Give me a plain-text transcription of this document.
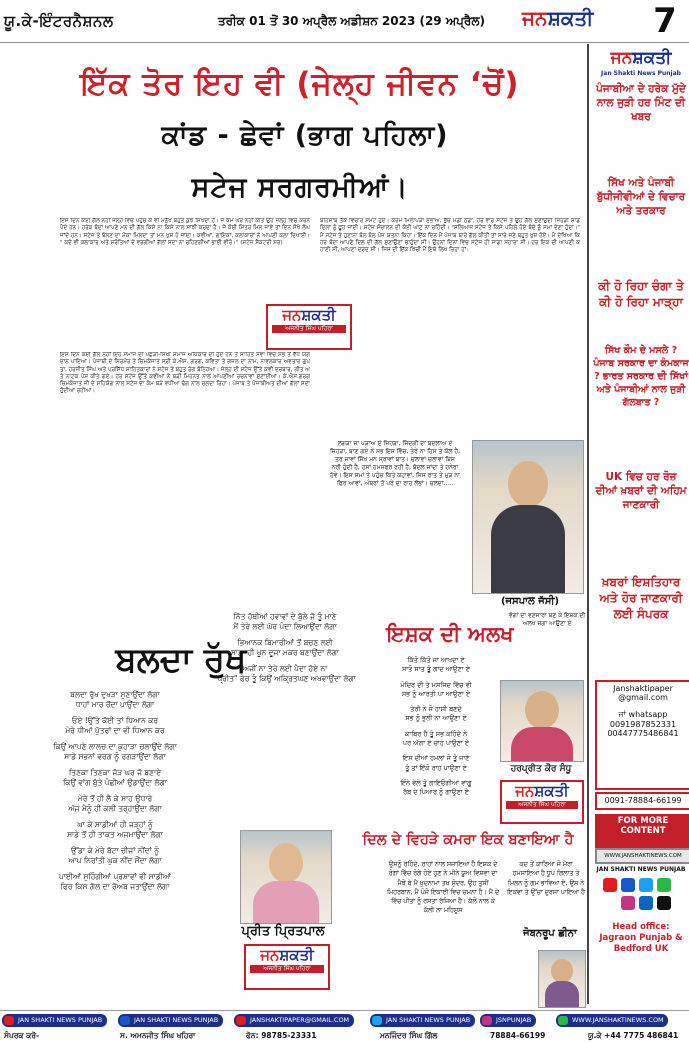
ਯੂ.ਕੇ-ਇੰਟਰਨੈਸ਼ਨਲ	ਤਰੀਕ 01 ਤੋਂ 30 ਅਪ੍ਰੈਲ ਅਡੀਸ਼ਨ 2023 (29 ਅਪ੍ਰੈਲ) ਜਨਸ਼ਕਤੀ	7
ਇੱਕ ਤੋਰ ਇਹ ਵੀ (ਜੇਲ੍ਹ ਜੀਵਨ ‘ਚੋਂ)
ਕਾਂਡ - ਛੇਵਾਂ (ਭਾਗ ਪਹਿਲਾ)
ਸਟੇਜ ਸਰਗਰਮੀਆਂ।
ਇਸ ਦਿਨ ਕੋਈ ਗੱਲ ਨਹੀਂ ਜੇਲ੍ਹ ਵਿਚ ਪਹੁੰਚ ਕੇ ਵੀ ਮਨੁੱਖ ਬਹੁਤ ਕੁਝ ਸਿਖਦਾ ਹੈ। ਜੋ ਕੰਮ ਘਰ ਨਹੀਂ ਕੀਤੇ ਉਹ ਜੇਲ੍ਹ ਵਿਚ ਕਰਨੇ ਪੈਂਦੇ ਹਨ। ਹਰੇਕ ਬੰਦਾ ਆਪਣੇ ਮਨ ਦੀ ਗੱਲ ਕਿਸੇ ਨਾ ਕਿਸੇ ਨਾਲ ਸਾਂਝੀ ਕਰਦਾ ਹੈ। ਜੇ ਕੋਈ ਮਿੱਤਰ ਮਿਲ ਜਾਵੇ ਤਾਂ ਦਿਨ ਸੌਖੇ ਲੰਘ ਜਾਂਦੇ ਹਨ। ਸਟੇਜ ਤੇ ਬੋਲਣ ਦਾ ਮੌਕਾ ਮਿਲਦਾ ਤਾਂ ਮਨ ਖੁਸ਼ ਹੋ ਜਾਂਦਾ। ਕਵੀਆਂ, ਗਾਇਕਾਂ, ਕਲਾਕਾਰਾਂ ਨੇ ਆਪਣੀ ਕਲਾ ਦਿਖਾਈ। " ਕਦੇ ਵੀ ਕਲਾਕਾਰ ਅਤੇ ਸਰੋਤਿਆਂ ਦੇ ਵਰਗੀਆਂ ਗੱਲਾਂ ਸਦਾ ਨਾ ਰਹਿਣਗੀਆਂ ਭਾਈ ਵੀਰੋ।" (ਸਟੇਜ ਸੈਕਟਰੀ ਸਰ)
ਜਨਸ਼ਕਤੀ
ਅਜਨੀਤ ਸਿੰਘ ਪਹਿਰਾ
ਇਸ ਦਿਨ ਕੋਈ ਗੱਲ ਨਹੀਂ ਇਹ ਸਮਾਜ ਦੀ ਪਛੜੀ-ਸਿਖੀ ਸਮਾਜ ਅਧਿਕਾਰ ਦੀ ਹੁੰਦੇ ਹਨ ਤੇ ਸਾਹਿਤ ਸੇਵਾ ਵਿਚ ਸਭ ਤੋਂ ਵੱਧ ਯੋਗਦਾਨ ਪਾਇਆ। ਪੰਜਾਬੀ ਦੇ ਸਿਰਮੌਰ ਤੇ ਚਿਮਕੰਜਾਤ ਸ੍ਰੀ ਕੇ.ਐਸ. ਗਰਗ, ਕਵਿਤਾ ਤੇ ਗਜ਼ਲ ਦਾ ਨਾਮ, ਨਾਵਲਕਾਰ ਅਵਤਾਰ ਗੁਪਤਾ, ਹਰਜੀਤ ਸਿੰਘ ਅਤੇ ਪ੍ਰਸਿੱਧ ਸਾਹਿਤਕਾਰਾਂ ਨੇ ਸਟੇਜ ਤੇ ਬਹੁਤ ਰੰਗ ਬੰਨ੍ਹਿਆ। ਜੇਲ੍ਹ ਦੀ ਸਟੇਜ ਉੱਤੇ ਕਵੀ ਦਰਬਾਰ, ਗੀਤ ਅਤੇ ਨਾਟਕ ਪੇਸ਼ ਕੀਤੇ ਗਏ। ਹਰ ਸਟੇਜ ਉੱਤੇ ਕਵੀਆਂ ਨੇ ਬੜੀ ਮਿਹਨਤ ਨਾਲ ਆਪਣੀਆਂ ਰਚਨਾਵਾਂ ਸੁਣਾਈਆਂ। ਕੇ.ਐਸ.ਗਰਗ ਚਿਮਕੰਜਾਤ ਜੀ ਦੇ ਸਹਿਯੋਗ ਨਾਲ ਸਟੇਜ ਦਾ ਕੰਮ ਬੜੇ ਵਧੀਆ ਢੰਗ ਨਾਲ ਚਲਦਾ ਰਿਹਾ। ਪੰਜਾਬ ਤੇ ਪੰਜਾਬੀਅਤ ਦੀਆਂ ਗੱਲਾਂ ਸਦਾ ਹੁੰਦੀਆਂ ਰਹੀਆਂ।
ਬੇਹਿਸਾਬ ਤੱਕ ਵਿਚਾਰ ਸਮੇਟੇ ਹੁੰਦੇ। ਕਰਮ ਮਿਲਾਪੜਾ ਸੁਭਾਅ, ਭੁੱਚੋ ਮੰਡੀ ਠੰਡਾ, ਹਰ ਵਾਰ ਸਟੇਜ ਤੇ ਉਹ ਗੱਲ ਸੁਣਾਉਂਦੀ ਜਿਹੜੀ ਸਾਡੇ ਦਿਲਾਂ ਨੂੰ ਛੂਹ ਜਾਂਦੀ। ਸਟੇਜ ਸੰਚਾਲਨ ਦੀ ਕੋਈ ਘਾਟ ਨਾ ਰਹਿੰਦੀ। "ਸਲਿਆਜ਼ ਸਟੇਜ ਤੇ ਕਿਸੇ ਪਹਿਲੇ ਹੋਏ ਬੰਦੇ ਨੂੰ ਸਮਾਂ ਦੇਣਾ ਹੁੰਦਾ।" ਮੈਂ ਸਟੇਜ ਤੇ ਹੁਣਾਨਾ ਬੋਲ ਬੋਲ ਪੰਜ ਯਤਨਾ ਕਿਹਾ। ਇੱਕ ਦਿਨ ਮੈਂ ਪੰਜਾਬ ਬਾਰੇ ਗੱਲ ਕੀਤੀ ਤਾਂ ਸਾਰੇ ਜਣੇ ਬਹੁਤ ਖੁਸ਼ ਹੋਏ। ਮੈਂ ਦੇਖਿਆ ਕਿ ਹਰ ਬੰਦਾ ਆਪਣੇ ਦਿਲ ਦੀ ਗੱਲ ਸੁਣਾਉਣਾ ਚਾਹੁੰਦਾ ਸੀ। ਉਹਨਾਂ ਦਿਨਾਂ ਵਿਚ ਸਟੇਜ ਹੀ ਸਾਡਾ ਸਹਾਰਾ ਸੀ। ਹਰ ਇਕ ਦੀ ਆਪਣੀ ਕਹਾਣੀ ਸੀ, ਆਪਣਾ ਦਰਦ ਸੀ। ਜਿਸ ਦੀ ਇੱਕ ਖਿੱਚੀ ਮੈਂ ਇਥੇ ਲਿਖ ਰਿਹਾ ਹਾਂ:
ਲਗੜਾ ਜਾ ਪੜਾਅ ਏ ਜਿਹੜਾ, ਜਿੰਦਗੀ ਦਾ ਬਦਲਾਅ ਏ ਜਿਹੜਾ, ਬਾਣ ਗਏ ਨੇ ਸਭ ਇਸ ਵਿੱਚ, ਤੇਰੇ ਨਾ ਹਿਸ ਤੇ ਕੋਲ ਹੈ, ਤਰ ਜਾਵਾਂ ਸਿੱਖ ਮਨ ਸ੍ਰਾਵਾਂ ਬਾਤ। ਚਲਾਵਾਂ ਚਲਾਵਾਂ ਬਿਸ ਨਰੀ ਹੁੰਦੀ ਹੈ, ਹਸਾਂ ਹਮਸਫਰ ਰਹੀ ਹੈ, ਬੱਦਲ ਜਾਂਦਾ ਤੇ ਹਨੇਰਾ ਹੋਵੇ। ਇਸ ਸਮਾਂ ਤੇ ਪਹੁੰਚ ਕਿਤੇ ਕਹਾਵਾਂ, ਜਿਸ ਰਾਤ ਤੇ ਮੁੜ ਨਾ ਫਿਰ ਆਵਾਂ, ਅੰਬਰਾਂ ਤੋਂ ਪਰੇ ਦਾ ਰਾਹ ਲੱਭਾਂ। ਚਲਦਾ.....
(ਜਸਪਾਲ ਜੱਸੀ)
ਬਲਦਾ ਰੁੱਖ
ਬਲਦਾ ਰੁੱਖ ਦੁਖੜਾ ਸੁਣਾਉਂਦਾ ਲੱਗਾ
ਧਾਹਾਂ ਮਾਰ ਰੋਂਦਾ ਪਾਉਂਦਾ ਲੱਗਾ
ਓਏ !ਉੱਤੇ ਕੋਈ ਤਾਂ ਧਿਆਨ ਕਰ
ਮੇਰੇ ਧੀਆਂ ਪੁੱਤਰਾਂ ਦਾ ਵੀ ਧਿਆਨ ਕਰ
ਕਿਉਂ ਆਪਣੇ ਲਾਲਚ ਦਾ ਕੁਹਾੜਾ ਚਲਾਉਂਦੇ ਲੱਗਾ
ਸਾਡੇ ਸਭਨਾਂ ਵਰਗ ਨੂੰ ਰਗੜਾਉਂਦਾ ਲੱਗਾ
ਤਿਣਕਾ ਤਿਣਕਾ ਜੋੜ ਘਰ ਜੋ ਬਣਾਏ
ਕਿਉਂ ਵਾਂਗ ਬੁੱਤੇ ਪੰਛੀਆਂ ਉਡਾਉਂਦਾ ਲੱਗਾ
ਮੇਰੇ ਤੋਂ ਹੀ ਲੈ ਕੇ ਸਾਹ ਉਧਾਰੇ
ਅੱਜ ਮੈਨੂੰ ਹੀ ਕਲੀ ਤਰ੍ਹਾਉਂਦਾ ਲੱਗਾ
ਘਾ ਕੇ ਸਾਡੀਆਂ ਹੀ ਜੜ੍ਹਾਂ ਨੂੰ
ਸਾਡੇ ਤੋਂ ਹੀ ਤਾਕਤ ਅਜਮਾਉਂਦਾ ਲੱਗਾ
ਉੱਡਾ ਕੇ ਮੇਰੇ ਬੋਟਾ ਚੀਜਾਂ ਨੀਂਦਾਂ ਨੂੰ
ਆਪ ਨਿਰਾਂਤੀ ਘੁਕ ਨੀਂਦ ਸੌਂਦਾ ਲੱਗਾ
ਪਾਈਆਂ ਸੁਹਿੰਗੀਆਂ ਪ੍ਰਸ਼ਾਵਾਂ ਵੀ ਸਾਡੀਆਂ
ਫਿਰ ਕਿਸ ਗੱਲ ਦਾ ਰੋਅਬ ਜਤਾਉਂਦਾ ਲੱਗਾ
ਨਿੱਤ ਹੱਥੀਆਂ ਹਵਾਵਾਂ ਦੇ ਬੁੱਲੇ ਜੋ ਤੂੰ ਮਾਣੇ
ਮੈਂ ਤੇਰੇ ਲਈ ਘੱਰ ਪੰਦਾ ਲਿਆਉਂਦਾ ਲੱਗਾ
ਭਿਆਨਕ ਬਿਮਾਰੀਆਂ ਤੋਂ ਬਚਣ ਲਈ
ਸਾਡਾ ਹੀ ਖੂਨ ਦੂਜਾ ਮਕਰ ਬਣਾਉਂਦਾ ਲੱਗਾ
ਅਜੀਂ ਨਾ ਤੇਰੇ ਲਈ ਪੈਦਾ ਹੋਏ ਨਾ
"ਪ੍ਰੀਤ" ਫੇਰ ਤੂੰ ਕਿਉਂ ਅਕ੍ਰਿਤਘਣ ਅਖਵਾਉਂਦਾ ਲੱਗਾ
ਪ੍ਰੀਤ ਪ੍ਰਿਤਪਾਲ
ਜਨਸ਼ਕਤੀ
ਅਜਨੀਤ ਸਿੰਘ ਪਹਿਰਾ
ਇਸ਼ਕ ਦੀ ਅਲਖ
ਵੱਗਾਂ ਦਾ ਵਣਜਾਰਾ ਬਣ ਕੇ ਇਸ਼ਕ ਦੀ ਅਲਖ ਜਗਾ ਆਉਣਾ ਏ
ਕਿੱਤੋ ਕਿੱਤੋ ਜਾ ਆਖਦਾ ਏ
ਸਾਤੋ ਸਾਤ ਤੂੰ ਗਾਦ ਆਉਣਾ ਏ
ਮੰਦਿਰ ਦੀ ਤੇ ਮਸਜਿਦ ਵਿੱਚ ਵੀ
ਸਭ ਨੂੰ ਆਰਤੀ ਪਾ ਆਉਣਾ ਏ
ਤੇਰੀ ਨੇ ਜੋ ਹਾਸੀ ਬਣਦੇ
ਸਭ ਨੂੰ ਭੁਲੀ ਨਾ ਆਉਣਾ ਏ
ਕਾਬਿਰ ਹੈ ਤੂੰ ਸਭ ਕਹਿੰਦੇ ਨੇ
ਪਰ ਅੱਗਾ ਏ ਚਾਹ ਪਾਉਣਾ ਏ
ਇਸ ਦੀਆਂ ਹਮਲਾਂ ਜੋ ਤੂੰ ਜਾਣੇ
ਤੂੰ ਤਾਂ ਇੱਕੋ ਰਾਹ ਪਾਉਣਾ ਏ
ਇੰਨੇ ਵੇਲੇ ਤੂੰ ਗਾਇਓਗੀਆਂ ਵਾਂਗੂ
ਰੱਬ ਦੇ ਪਿਆਰ ਨੂੰ ਗਾਉਣਾ ਏ
ਹਰਪ੍ਰੀਤ ਕੌਰ ਸੰਧੂ
ਜਨਸ਼ਕਤੀ
ਅਜਨੀਤ ਸਿੰਘ ਪਹਿਰਾ
ਦਿਲ ਦੇ ਵਿਹੜੇ ਕਮਰਾ ਇਕ ਬਣਾਇਆ ਹੈ
ਉਸਨੂੰ ਰਹਿੰਦੇ, ਰਾਹਾਂ ਨਾਲ ਸਜਾਇਆ ਹੈ ਇਸ਼ਕ ਦੇ ਰੰਗਾਂ ਵਿੱਚ ਰੰਗੇ ਹੋਏ ਹੁਣ ਨੇ ਮੀਨੇ ਯੂਅ ਵਿਸ਼ਵਾ ਦਾ ਮੈਥੋਂ ਬੇ ਮੈਂ ਖ਼ੁਦਨਾਮਾ ਤਖ਼ ਸੁੰਦਰ, ਉਹ ਤੁਸੀਂ ਮਿਹਰਬਾਨ, ਮੈਂ ਪੰਜੋ ਇਕਾਈ ਵਿਚ ਚਮਨਾ ਹੈ। ਮੈਂ ਦੇ ਵਿੱਚ ਪੀਤਾਂ ਨੂੰ ਰਸਤਾ ਰੱਜਿਆ ਹੈ। ਕੱਲੋਂ ਨਾਲ ਕੇ ਕੱਲੀ ਨਾ ਮਹਿਸੂਸ
ਕਦ ਤੋਂ ਕਾਰਿਆ ਜੋ ਮੇਰਾ ਹਮਸਾਇਆ ਹੈ ਧੂਪ ਗਿਲਾਤ ਤੇ ਮਿਲਨ ਨੂੰ ਗਮ ਭਾਵਿਆ ਏ, ਉਸ ਨੇ ਇਕਵਾ ਤੇ ਉੱਚਾ ਦੁਰਸ਼ਾ ਪਾਇਆ ਹੈ
ਜੋਬਨਰੂਪ ਛੀਨਾ
ਜਨਸ਼ਕਤੀ
Jan Shakti News Punjab
ਪੰਜਾਬੀਆ ਦੇ ਹਰੇਕ ਮੁੱਦੇ ਨਾਲ ਜੁੜੀ ਹਰ ਮਿੰਟ ਦੀ ਖਬਰ
ਸਿੱਖ ਅਤੇ ਪੰਜਾਬੀ ਬੁੱਧੀਜੀਵੀਆਂ ਦੇ ਵਿਚਾਰ ਅਤੇ ਤਰਕਾਰ
ਕੀ ਹੋ ਰਿਹਾ ਚੰਗਾ ਤੇ ਕੀ ਹੋ ਰਿਹਾ ਮਾੜ੍ਹਾ
ਸਿੱਖ ਕੌਮ ਦੇ ਮਸਲੇ ? ਪੰਜਾਬ ਸਰਕਾਰ ਦਾ ਕੰਮਕਾਜ ? ਭਾਰਤ ਸਰਕਾਰ ਦੀ ਸਿੱਖਾਂ ਅਤੇ ਪੰਜਾਬੀਆਂ ਨਾਲ ਜੁੜੀ ਗੱਲਬਾਤ ?
UK ਵਿਚ ਹਰ ਰੋਜ਼ ਦੀਆਂ ਖ਼ਬਰਾਂ ਦੀ ਅਹਿਮ ਜਾਣਕਾਰੀ
ਖ਼ਬਰਾਂ ਇਸ਼ਤਿਹਾਰ ਅਤੇ ਹੋਰ ਜਾਣਕਾਰੀ ਲਈ ਸੰਪਰਕ
Janshaktipaper
@gmail.com
ਜਾਂ whatsapp
0091987852331
00447775486841
0091-78884-66199
FOR MORE CONTENT
WWW.JANSHAKTINEWS.COM
JAN SHAKTI NEWS PUNJAB
Head office: Jagraon Punjab & Bedford UK
JAN SHAKTI NEWS PUNJAB	JAN SHAKTI NEWS PUNJAB	JANSHAKTIPAPER@GMAIL.COM	JAN SHAKTI NEWS PUNJAB	JSNPUNJAB	WWW.JANSHAKTINEWS.COM
ਸੰਪਰਕ ਕਰੋ-	ਸ. ਅਮਨਜੀਤ ਸਿੰਘ ਖਹਿਰਾ	ਫੋਨ: 98785-23331	ਮਨਜਿੰਦਰ ਸਿੰਘ ਗਿੱਲ	78884-66199	ਯੂ.ਕੇ +44 7775 486841
